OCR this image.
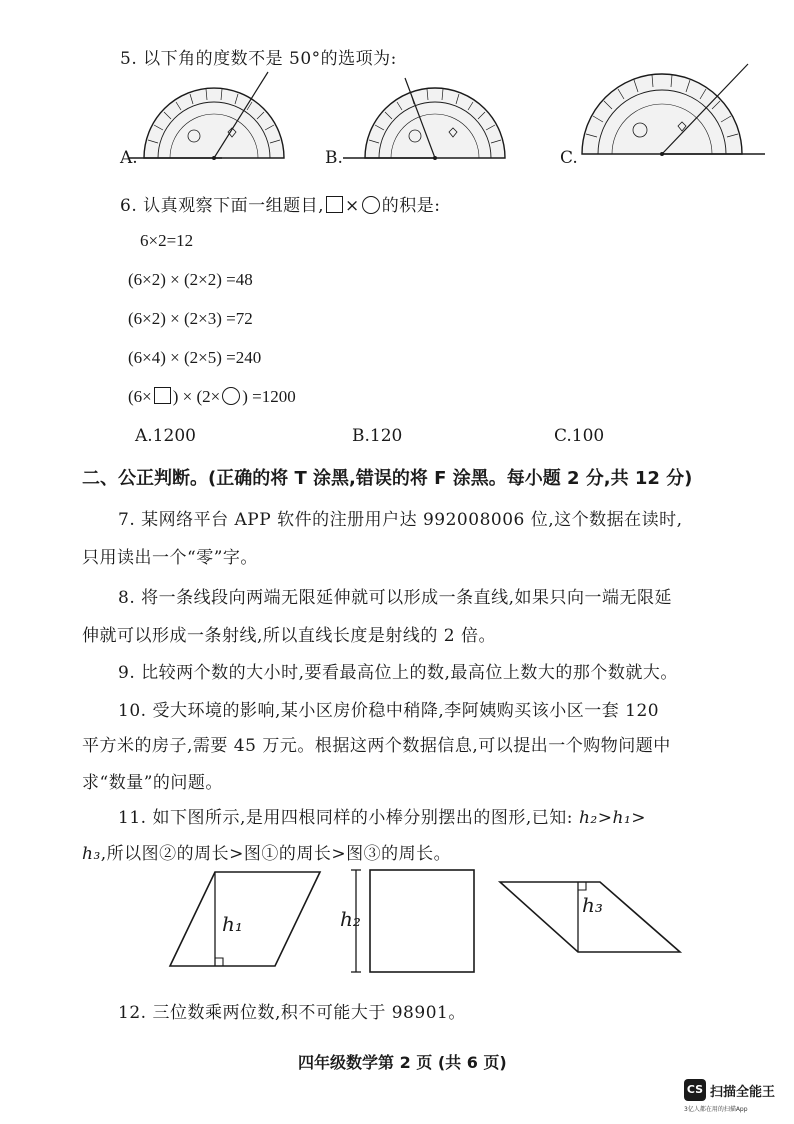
5. 以下角的度数不是 50°的选项为:
A.	B.	C.
6. 认真观察下面一组题目, × 的积是:
6×2=12
(6×2) × (2×2) =48
(6×2) × (2×3) =72
(6×4) × (2×5) =240
(6× ) × (2× ) =1200
A.1200	B.120	C.100
二、公正判断。(正确的将 T 涂黑,错误的将 F 涂黑。每小题 2 分,共 12 分)
7. 某网络平台 APP 软件的注册用户达 992008006 位,这个数据在读时,
只用读出一个“零”字。
8. 将一条线段向两端无限延伸就可以形成一条直线,如果只向一端无限延
伸就可以形成一条射线,所以直线长度是射线的 2 倍。
9. 比较两个数的大小时,要看最高位上的数,最高位上数大的那个数就大。
10. 受大环境的影响,某小区房价稳中稍降,李阿姨购买该小区一套 120
平方米的房子,需要 45 万元。根据这两个数据信息,可以提出一个购物问题中
求“数量”的问题。
11. 如下图所示,是用四根同样的小棒分别摆出的图形,已知: h₂>h₁>
h₃,所以图②的周长>图①的周长>图③的周长。
h₁	h₂
h₃
12. 三位数乘两位数,积不可能大于 98901。
四年级数学第 2 页 (共 6 页)
CS 扫描全能王
3亿人都在用的扫描App
